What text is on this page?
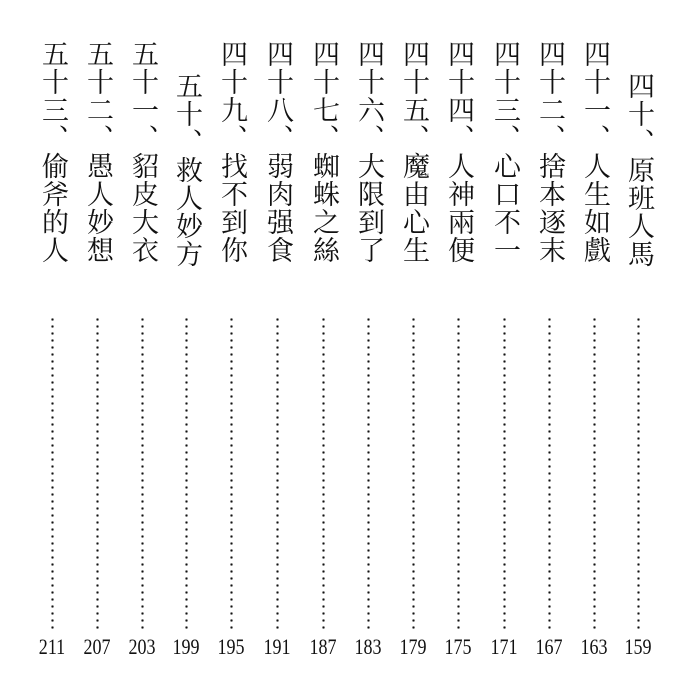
四十、原班人馬
159
四十一、人生如戲
163
四十二、捨本逐末
167
四十三、心口不一
171
四十四、人神兩便
175
四十五、魔由心生
179
四十六、大限到了
183
四十七、蜘蛛之絲
187
四十八、弱肉强食
191
四十九、找不到你
195
五十、救人妙方
199
五十一、貂皮大衣
203
五十二、愚人妙想
207
五十三、偷斧的人
211
